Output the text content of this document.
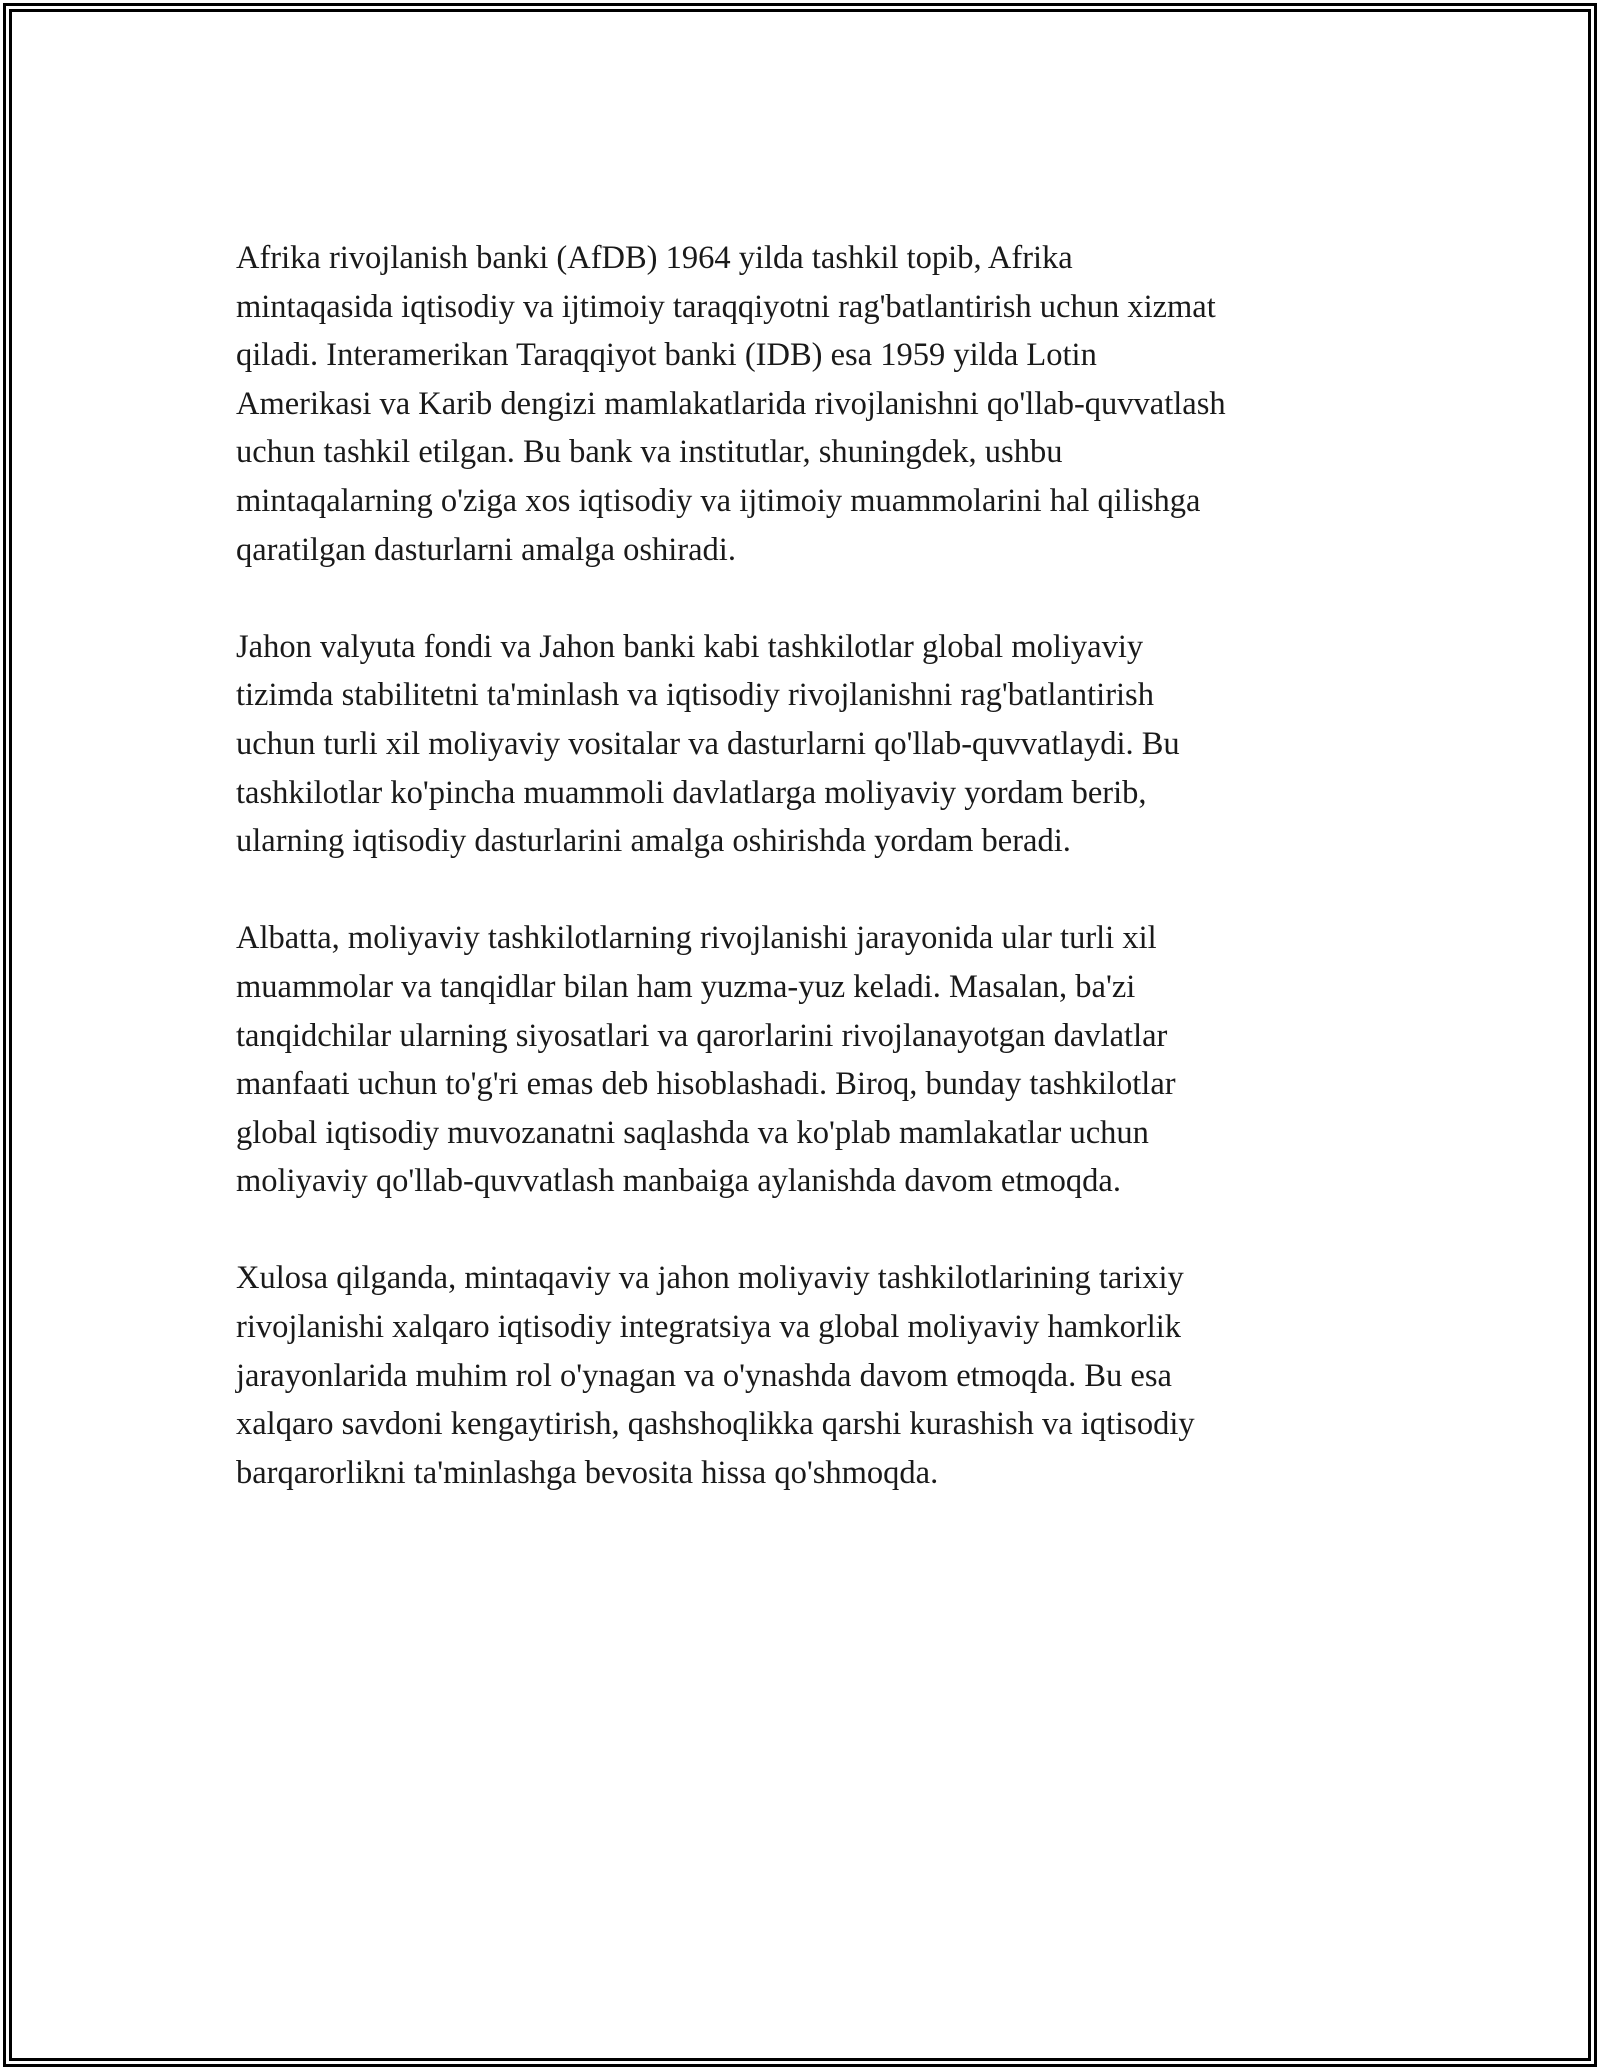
Afrika rivojlanish banki (AfDB) 1964 yilda tashkil topib, Afrika
mintaqasida iqtisodiy va ijtimoiy taraqqiyotni rag'batlantirish uchun xizmat
qiladi. Interamerikan Taraqqiyot banki (IDB) esa 1959 yilda Lotin
Amerikasi va Karib dengizi mamlakatlarida rivojlanishni qo'llab-quvvatlash
uchun tashkil etilgan. Bu bank va institutlar, shuningdek, ushbu
mintaqalarning o'ziga xos iqtisodiy va ijtimoiy muammolarini hal qilishga
qaratilgan dasturlarni amalga oshiradi.

Jahon valyuta fondi va Jahon banki kabi tashkilotlar global moliyaviy
tizimda stabilitetni ta'minlash va iqtisodiy rivojlanishni rag'batlantirish
uchun turli xil moliyaviy vositalar va dasturlarni qo'llab-quvvatlaydi. Bu
tashkilotlar ko'pincha muammoli davlatlarga moliyaviy yordam berib,
ularning iqtisodiy dasturlarini amalga oshirishda yordam beradi.

Albatta, moliyaviy tashkilotlarning rivojlanishi jarayonida ular turli xil
muammolar va tanqidlar bilan ham yuzma-yuz keladi. Masalan, ba'zi
tanqidchilar ularning siyosatlari va qarorlarini rivojlanayotgan davlatlar
manfaati uchun to'g'ri emas deb hisoblashadi. Biroq, bunday tashkilotlar
global iqtisodiy muvozanatni saqlashda va ko'plab mamlakatlar uchun
moliyaviy qo'llab-quvvatlash manbaiga aylanishda davom etmoqda.

Xulosa qilganda, mintaqaviy va jahon moliyaviy tashkilotlarining tarixiy
rivojlanishi xalqaro iqtisodiy integratsiya va global moliyaviy hamkorlik
jarayonlarida muhim rol o'ynagan va o'ynashda davom etmoqda. Bu esa
xalqaro savdoni kengaytirish, qashshoqlikka qarshi kurashish va iqtisodiy
barqarorlikni ta'minlashga bevosita hissa qo'shmoqda.
